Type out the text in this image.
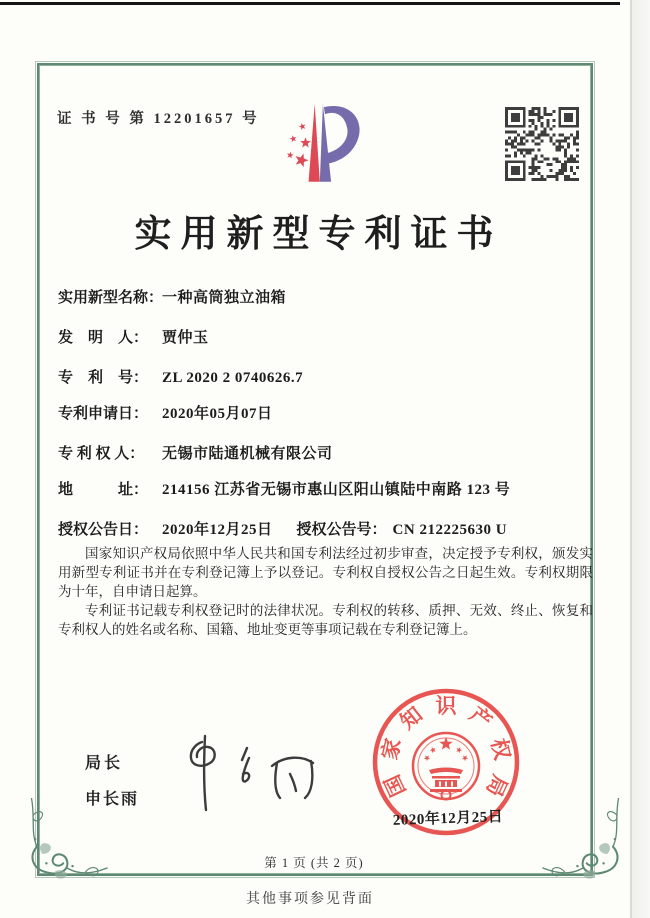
证 书 号 第 12201657 号
实用新型专利证书
实用新型名称：
一种高筒独立油箱
发　明　人： 贾仲玉
专　利　号： ZL 2020 2 0740626.7
专利申请日： 2020年05月07日
专 利 权 人：	无锡市陆通机械有限公司
地　　　址： 214156 江苏省无锡市惠山区阳山镇陆中南路 123 号
授权公告日： 2020年12月25日 授权公告号： CN 212225630 U

国家知识产权局依照中华人民共和国专利法经过初步审查，决定授予专利权，颁发实用新型专利证书并在专利登记簿上予以登记。专利权自授权公告之日起生效。专利权期限为十年，自申请日起算。

专利证书记载专利权登记时的法律状况。专利权的转移、质押、无效、终止、恢复和专利权人的姓名或名称、国籍、地址变更等事项记载在专利登记簿上。

局长
申长雨	国
家
知 识 产
权
局
2020年12月25日
第 1 页 (共 2 页)
其他事项参见背面
